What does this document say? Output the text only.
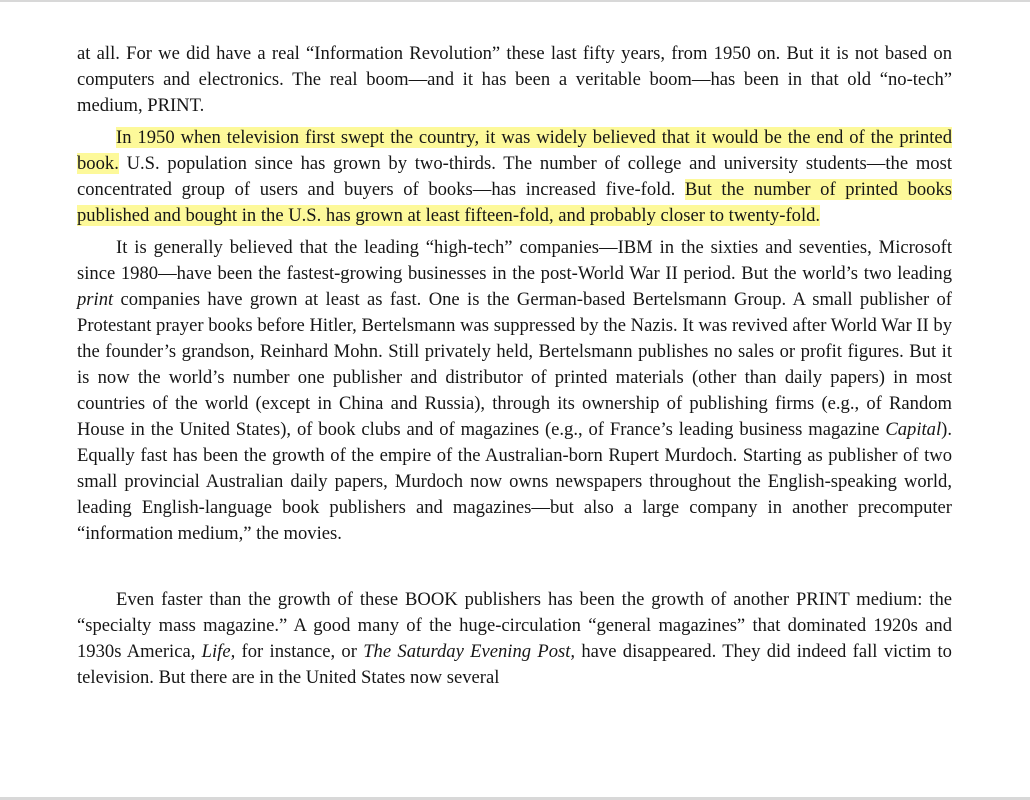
at all. For we did have a real “Information Revolution” these last fifty years, from 1950 on. But it is not based on computers and electronics. The real boom—and it has been a veritable boom—has been in that old “no-tech” medium, PRINT.

In 1950 when television first swept the country, it was widely believed that it would be the end of the printed book. U.S. population since has grown by two-thirds. The number of college and university students—the most concentrated group of users and buyers of books—has increased five-fold. But the number of printed books published and bought in the U.S. has grown at least fifteen-fold, and probably closer to twenty-fold.

It is generally believed that the leading “high-tech” companies—IBM in the sixties and seventies, Microsoft since 1980—have been the fastest-growing businesses in the post-World War II period. But the world’s two leading print companies have grown at least as fast. One is the German-based Bertelsmann Group. A small publisher of Protestant prayer books before Hitler, Bertelsmann was suppressed by the Nazis. It was revived after World War II by the founder’s grandson, Reinhard Mohn. Still privately held, Bertelsmann publishes no sales or profit figures. But it is now the world’s number one publisher and distributor of printed materials (other than daily papers) in most countries of the world (except in China and Russia), through its ownership of publishing firms (e.g., of Random House in the United States), of book clubs and of magazines (e.g., of France’s leading business magazine Capital). Equally fast has been the growth of the empire of the Australian-born Rupert Murdoch. Starting as publisher of two small provincial Australian daily papers, Murdoch now owns newspapers throughout the English-speaking world, leading English-language book publishers and magazines—but also a large company in another precomputer “information medium,” the movies.

Even faster than the growth of these BOOK publishers has been the growth of another PRINT medium: the “specialty mass magazine.” A good many of the huge-circulation “general magazines” that dominated 1920s and 1930s America, Life, for instance, or The Saturday Evening Post, have disappeared. They did indeed fall victim to television. But there are in the United States now several
